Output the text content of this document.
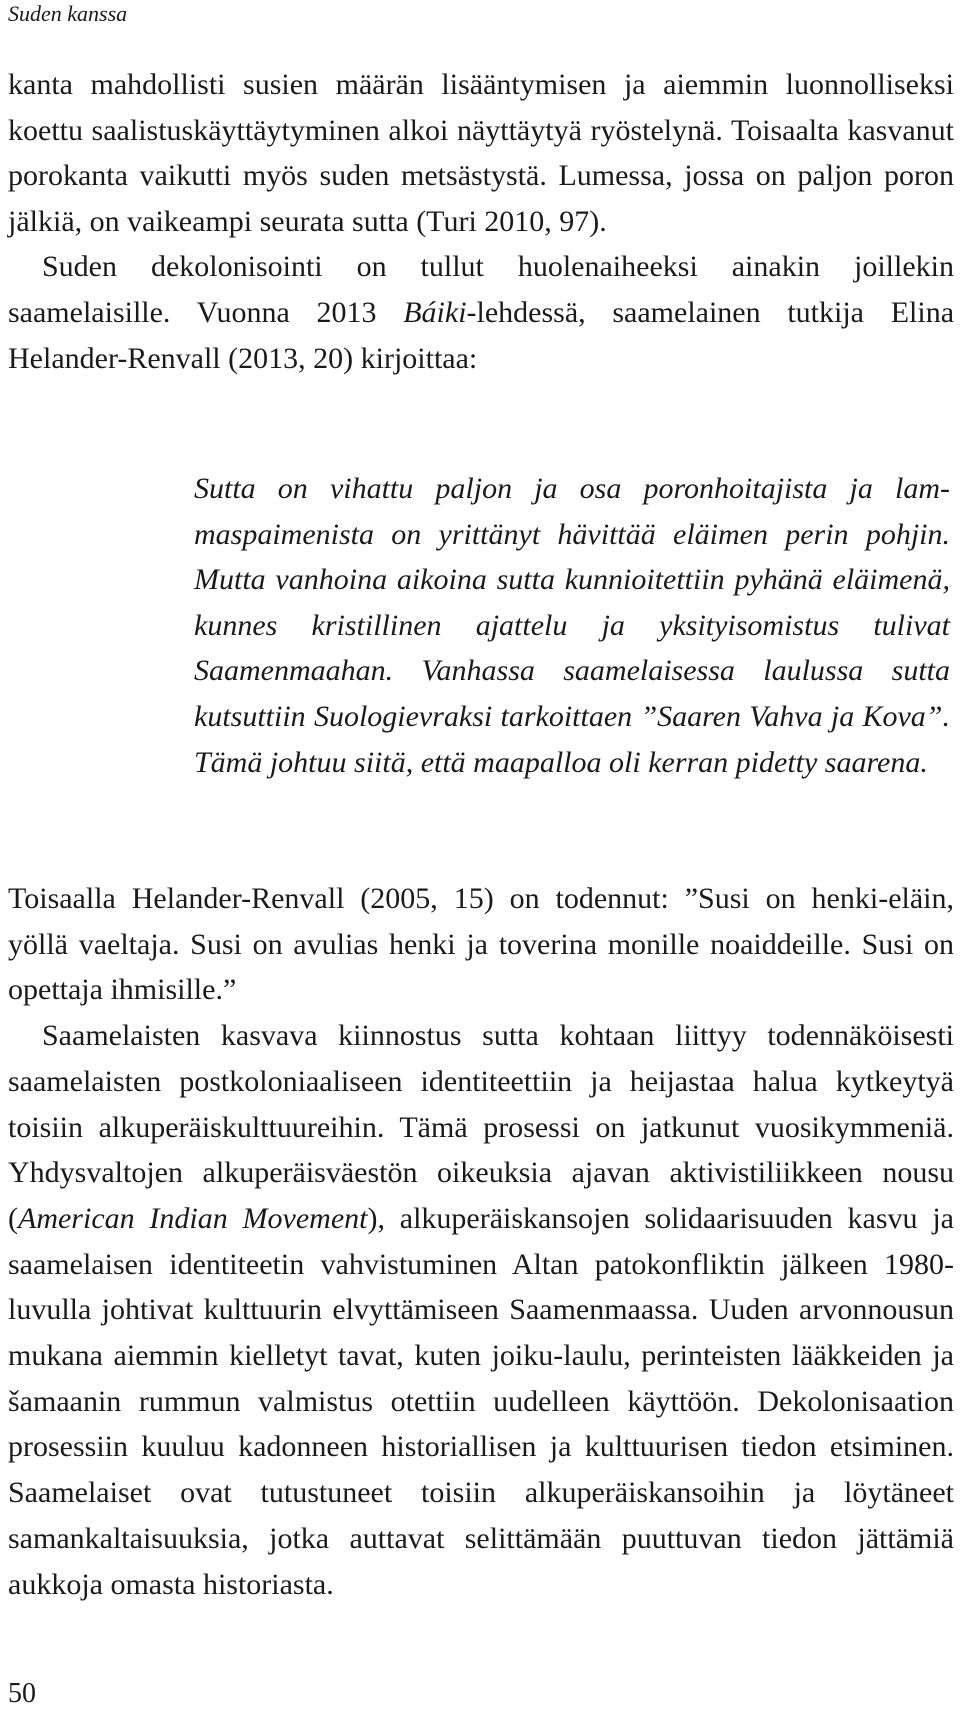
Suden kanssa

kanta mahdollisti susien määrän lisääntymisen ja aiemmin luonnolliseksi koettu saalistuskäyttäytyminen alkoi näyttäytyä ryöstelynä. Toisaalta kasvanut porokanta vaikutti myös suden metsästystä. Lumessa, jossa on paljon poron jälkiä, on vaikeampi seurata sutta (Turi 2010, 97).

Suden dekolonisointi on tullut huolenaiheeksi ainakin joillekin saamelaisille. Vuonna 2013 Báiki-lehdessä, saamelainen tutkija Elina Helander-Renvall (2013, 20) kirjoittaa:

Sutta on vihattu paljon ja osa poronhoitajista ja lammaspaimenista on yrittänyt hävittää eläimen perin pohjin. Mutta vanhoina aikoina sutta kunnioitettiin pyhänä eläimenä, kunnes kristillinen ajattelu ja yksityisomistus tulivat Saamenmaahan. Vanhassa saamelaisessa laulussa sutta kutsuttiin Suologievraksi tarkoittaen ”Saaren Vahva ja Kova”. Tämä johtuu siitä, että maapalloa oli kerran pidetty saarena.

Toisaalla Helander-Renvall (2005, 15) on todennut: ”Susi on henki-eläin, yöllä vaeltaja. Susi on avulias henki ja toverina monille noaiddeille. Susi on opettaja ihmisille.”

Saamelaisten kasvava kiinnostus sutta kohtaan liittyy todennäköisesti saamelaisten postkoloniaaliseen identiteettiin ja heijastaa halua kytkeytyä toisiin alkuperäiskulttuureihin. Tämä prosessi on jatkunut vuosikymmeniä. Yhdysvaltojen alkuperäisväestön oikeuksia ajavan aktivistiliikkeen nousu (American Indian Movement), alkuperäiskansojen solidaarisuuden kasvu ja saamelaisen identiteetin vahvistuminen Altan patokonfliktin jälkeen 1980-luvulla johtivat kulttuurin elvyttämiseen Saamenmaassa. Uuden arvonnousun mukana aiemmin kielletyt tavat, kuten joiku-laulu, perinteisten lääkkeiden ja šamaanin rummun valmistus otettiin uudelleen käyttöön. Dekolonisaation prosessiin kuuluu kadonneen historiallisen ja kulttuurisen tiedon etsiminen. Saamelaiset ovat tutustuneet toisiin alkuperäiskansoihin ja löytäneet samankaltaisuuksia, jotka auttavat selittämään puuttuvan tiedon jättämiä aukkoja omasta historiasta.

50
